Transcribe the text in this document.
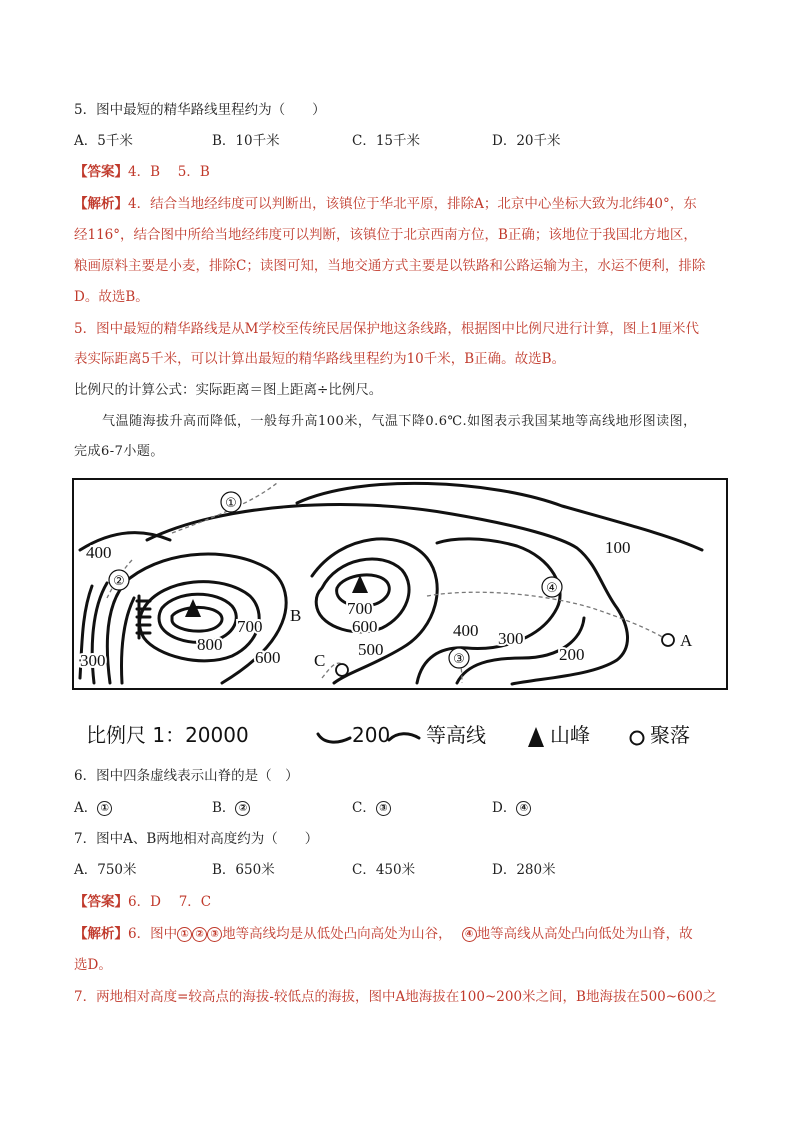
5．图中最短的精华路线里程约为（　　）
A．5千米	B．10千米	C．15千米	D．20千米
【答案】4．B　 5．B
【解析】4．结合当地经纬度可以判断出，该镇位于华北平原，排除A；北京中心坐标大致为北纬40°，东
经116°，结合图中所给当地经纬度可以判断，该镇位于北京西南方位，B正确；该地位于我国北方地区，
粮画原料主要是小麦，排除C；读图可知，当地交通方式主要是以铁路和公路运输为主，水运不便利，排除
D。故选B。
5．图中最短的精华路线是从M学校至传统民居保护地这条线路，根据图中比例尺进行计算，图上1厘米代
表实际距离5千米，可以计算出最短的精华路线里程约为10千米，B正确。故选B。
比例尺的计算公式：实际距离＝图上距离÷比例尺。
气温随海拔升高而降低，一般每升高100米，气温下降0.6℃.如图表示我国某地等高线地形图读图，
完成6-7小题。
①
②
③
④
400	100
300
700
800
600
700
600
500
400 300
200
B
C
A
比例尺 1：20000	200 等高线	山峰	聚落
6．图中四条虚线表示山脊的是（　）
A． ①	B． ②	C． ③	D． ④
7．图中A、B两地相对高度约为（　　）
A．750米	B．650米	C．450米	D．280米
【答案】6．D　 7．C
【解析】6．图中 ① ② ③ 地等高线均是从低处凸向高处为山谷， ④ 地等高线从高处凸向低处为山脊，故
选D。
7．两地相对高度=较高点的海拔-较低点的海拔，图中A地海拔在100~200米之间，B地海拔在500~600之
